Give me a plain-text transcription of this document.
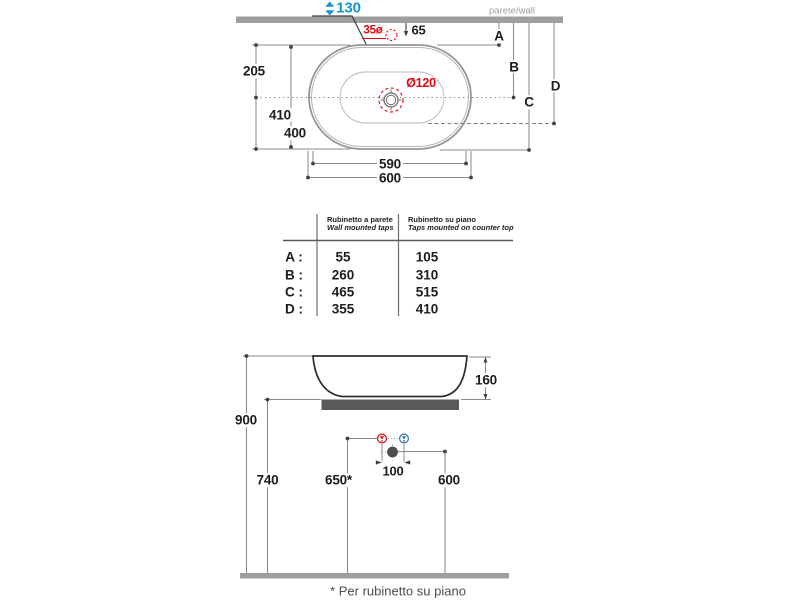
parete/wall
130
35ø 65
Ø120
A
B
C
D
205
410
400
590
600
Rubinetto a parete
Wall mounted taps
Rubinetto su piano
Taps mounted on counter top
A : 55	105
B : 260	310
C : 465	515
D : 355	410
160
900
740	650*	600
100
* Per rubinetto su piano
